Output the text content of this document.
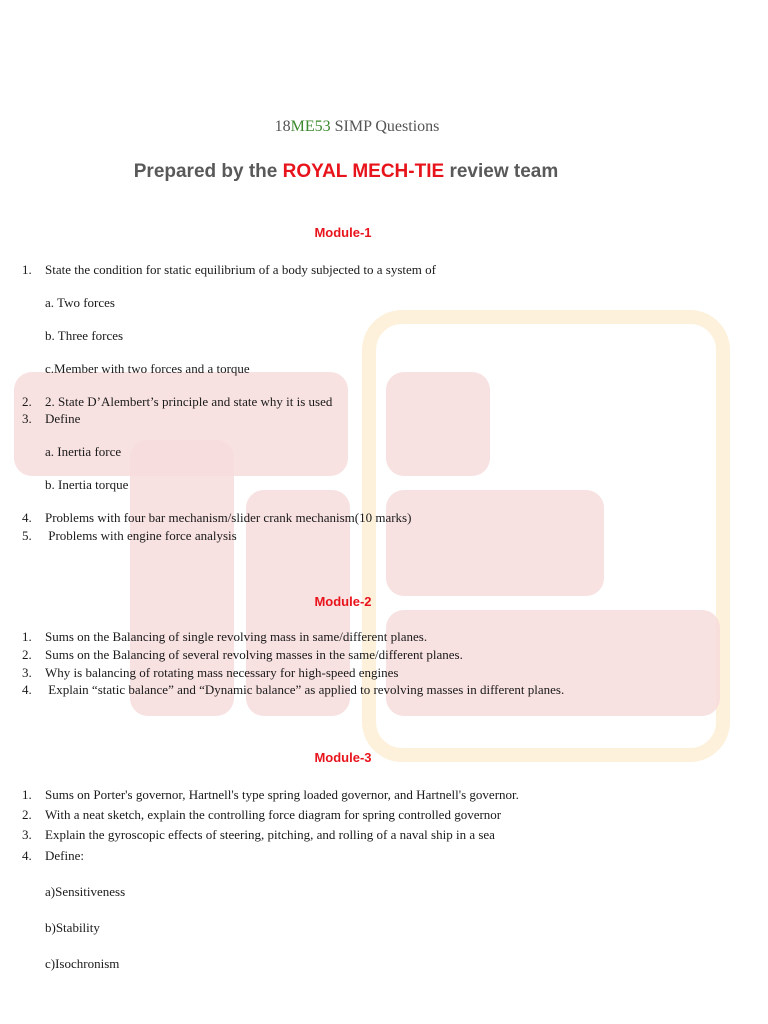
18ME53 SIMP Questions
Prepared by the ROYAL MECH-TIE review team
Module-1
1. State the condition for static equilibrium of a body subjected to a system of
a. Two forces
b. Three forces
c.Member with two forces and a torque
2. 2. State D’Alembert’s principle and state why it is used
3. Define
a. Inertia force
b. Inertia torque
4. Problems with four bar mechanism/slider crank mechanism(10 marks)
5. Problems with engine force analysis
Module-2
1. Sums on the Balancing of single revolving mass in same/different planes.
2. Sums on the Balancing of several revolving masses in the same/different planes.
3. Why is balancing of rotating mass necessary for high-speed engines
4. Explain “static balance” and “Dynamic balance” as applied to revolving masses in different planes.
Module-3
1. Sums on Porter's governor, Hartnell's type spring loaded governor, and Hartnell's governor.
2. With a neat sketch, explain the controlling force diagram for spring controlled governor
3. Explain the gyroscopic effects of steering, pitching, and rolling of a naval ship in a sea
4. Define:
a)Sensitiveness
b)Stability
c)Isochronism
